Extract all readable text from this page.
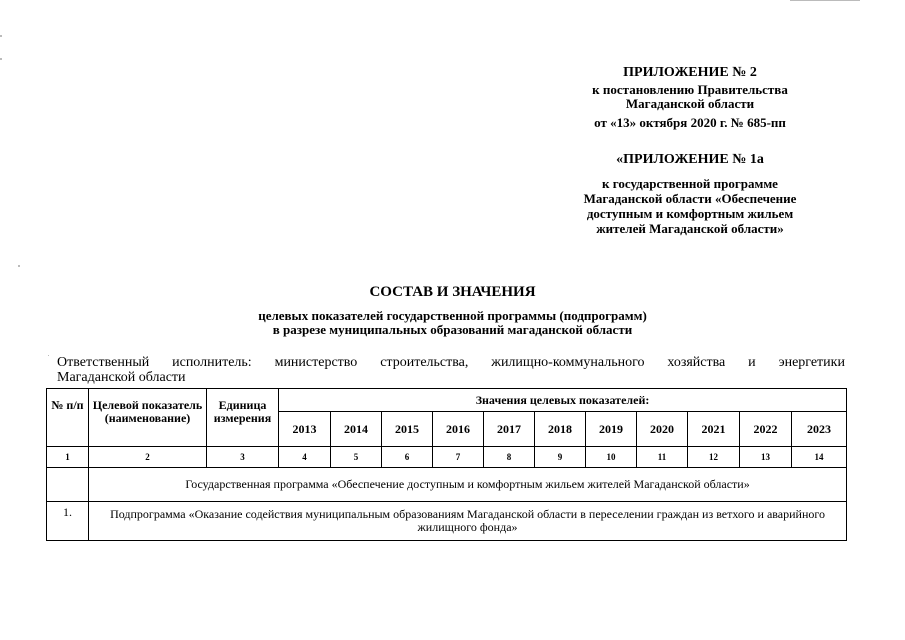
ПРИЛОЖЕНИЕ № 2
к постановлению Правительства
Магаданской области
от «13» октября 2020 г. № 685-пп
«ПРИЛОЖЕНИЕ № 1а
к государственной программе
Магаданской области «Обеспечение
доступным и комфортным жильем
жителей Магаданской области»
СОСТАВ И ЗНАЧЕНИЯ
целевых показателей государственной программы (подпрограмм)
в разрезе муниципальных образований магаданской области
Ответственный исполнитель: министерство строительства, жилищно-коммунального хозяйства и энергетики
Магаданской области
№ п/п	Целевой показатель (наименование)	Единица измерения	Значения целевых показателей:										
			2013	2014	2015	2016	2017	2018	2019	2020	2021	2022	2023
1	2	3	4	5	6	7	8	9	10	11	12	13	14
	Государственная программа «Обеспечение доступным и комфортным жильем жителей Магаданской области»												
1.	Подпрограмма «Оказание содействия муниципальным образованиям Магаданской области в переселении граждан из ветхого и аварийного жилищного фонда»												
